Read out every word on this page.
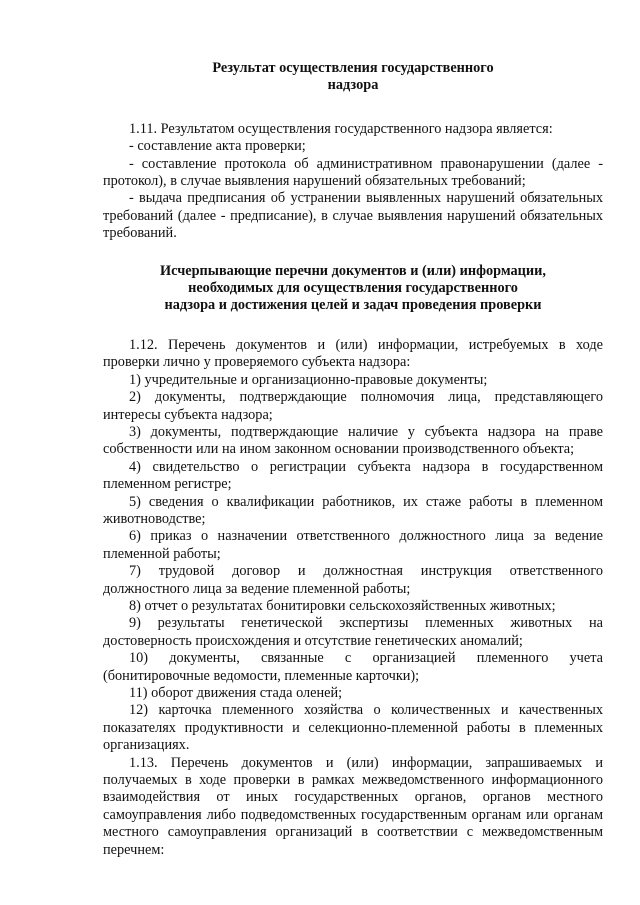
Результат осуществления государственного
надзора
1.11. Результатом осуществления государственного надзора является:
- составление акта проверки;
- составление протокола об административном правонарушении (далее - протокол), в случае выявления нарушений обязательных требований;
- выдача предписания об устранении выявленных нарушений обязательных требований (далее - предписание), в случае выявления нарушений обязательных требований.
Исчерпывающие перечни документов и (или) информации,
необходимых для осуществления государственного
надзора и достижения целей и задач проведения проверки
1.12. Перечень документов и (или) информации, истребуемых в ходе проверки лично у проверяемого субъекта надзора:
1) учредительные и организационно-правовые документы;
2) документы, подтверждающие полномочия лица, представляющего интересы субъекта надзора;
3) документы, подтверждающие наличие у субъекта надзора на праве собственности или на ином законном основании производственного объекта;
4) свидетельство о регистрации субъекта надзора в государственном племенном регистре;
5) сведения о квалификации работников, их стаже работы в племенном животноводстве;
6) приказ о назначении ответственного должностного лица за ведение племенной работы;
7) трудовой договор и должностная инструкция ответственного должностного лица за ведение племенной работы;
8) отчет о результатах бонитировки сельскохозяйственных животных;
9) результаты генетической экспертизы племенных животных на достоверность происхождения и отсутствие генетических аномалий;
10) документы, связанные с организацией племенного учета (бонитировочные ведомости, племенные карточки);
11) оборот движения стада оленей;
12) карточка племенного хозяйства о количественных и качественных показателях продуктивности и селекционно-племенной работы в племенных организациях.
1.13. Перечень документов и (или) информации, запрашиваемых и получаемых в ходе проверки в рамках межведомственного информационного взаимодействия от иных государственных органов, органов местного самоуправления либо подведомственных государственным органам или органам местного самоуправления организаций в соответствии с межведомственным перечнем:
